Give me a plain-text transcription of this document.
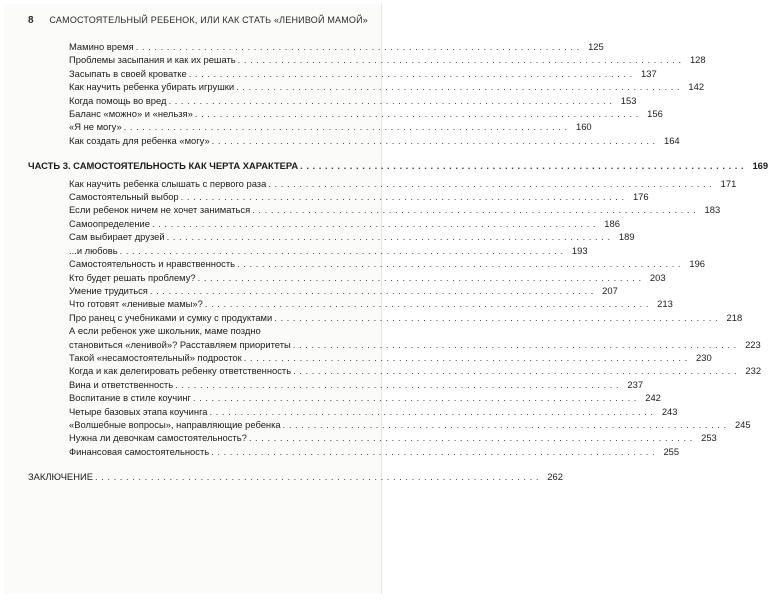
8	САМОСТОЯТЕЛЬНЫЙ РЕБЕНОК, ИЛИ КАК СТАТЬ «ЛЕНИВОЙ МАМОЙ»
Мамино время . . .	125
Проблемы засыпания и как их решать . . .	128
Засыпать в своей кроватке . . .	137
Как научить ребенка убирать игрушки . . .	142
Когда помощь во вред . . .	153
Баланс «можно» и «нельзя» . . .	156
«Я не могу» . . .	160
Как создать для ребенка «могу» . . .	164
ЧАСТЬ 3. САМОСТОЯТЕЛЬНОСТЬ КАК ЧЕРТА ХАРАКТЕРА . . .	169
Как научить ребенка слышать с первого раза . . .	171
Самостоятельный выбор . . .	176
Если ребенок ничем не хочет заниматься . . .	183
Самоопределение . . .	186
Сам выбирает друзей . . .	189
...и любовь . . .	193
Самостоятельность и нравственность . . .	196
Кто будет решать проблему? . . .	203
Умение трудиться . . .	207
Что готовят «ленивые мамы»? . . .	213
Про ранец с учебниками и сумку с продуктами . . .	218
А если ребенок уже школьник, маме поздно
становиться «ленивой»? Расставляем приоритеты . . .	223
Такой «несамостоятельный» подросток . . .	230
Когда и как делегировать ребенку ответственность . . .	232
Вина и ответственность . . .	237
Воспитание в стиле коучинг . . .	242
Четыре базовых этапа коучинга . . .	243
«Волшебные вопросы», направляющие ребенка . . .	245
Нужна ли девочкам самостоятельность? . . .	253
Финансовая самостоятельность . . .	255
ЗАКЛЮЧЕНИЕ . . .	262
